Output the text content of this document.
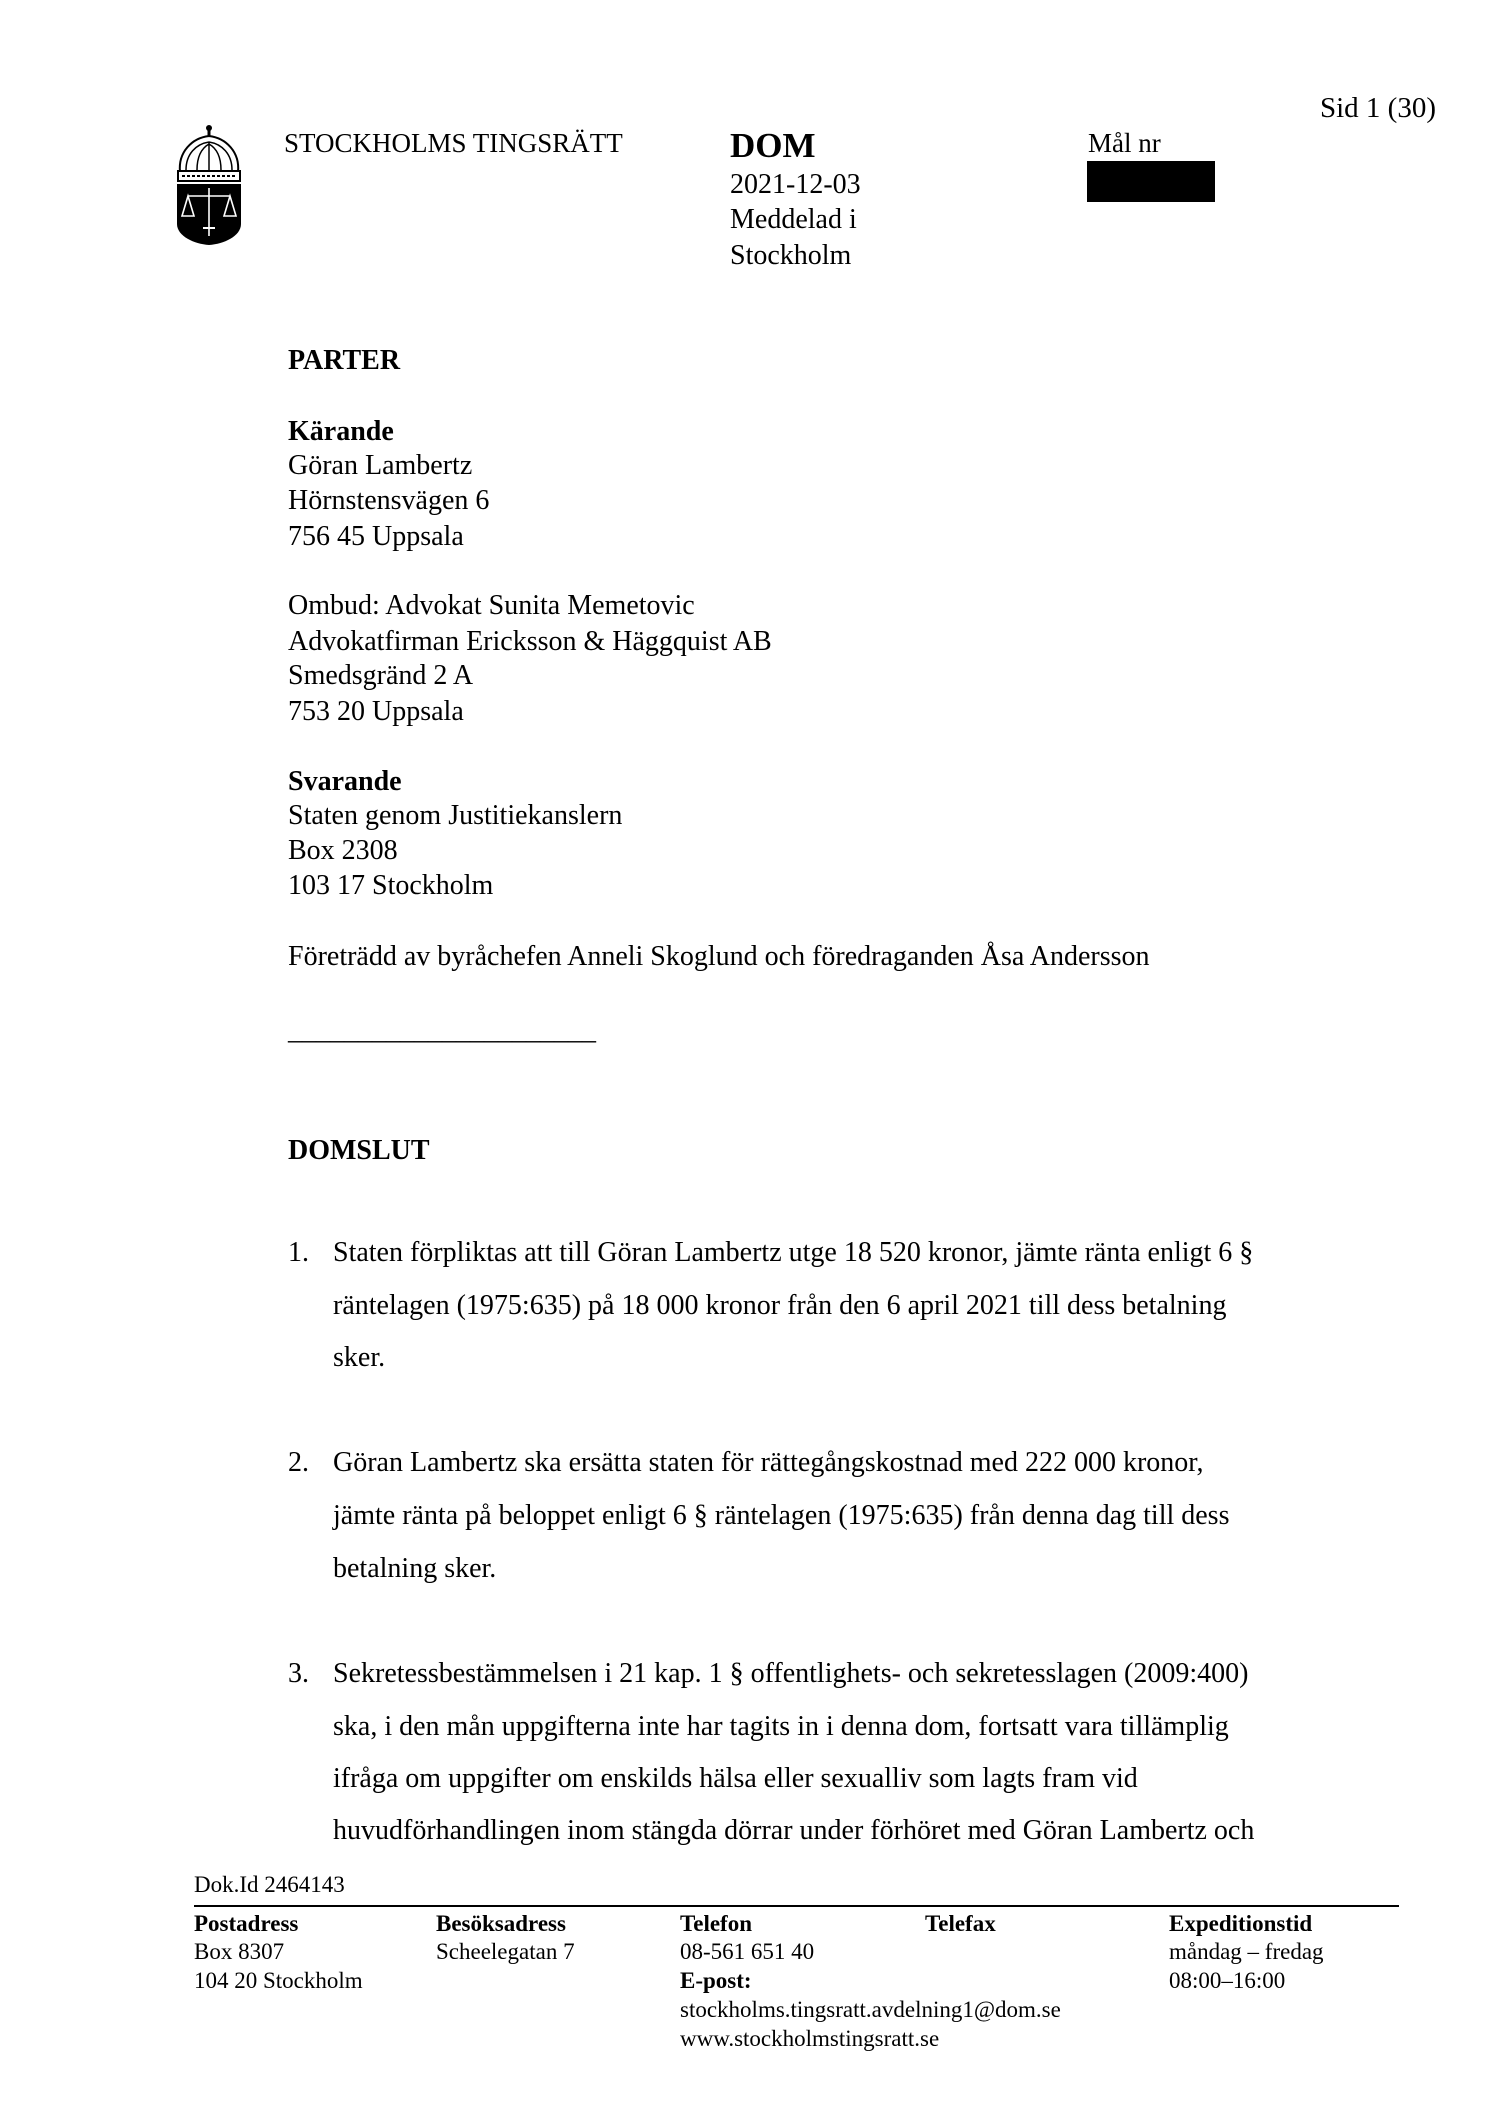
Sid 1 (30)
STOCKHOLMS TINGSRÄTT	DOM
2021-12-03
Meddelad i
Stockholm
Mål nr
PARTER
Kärande
Göran Lambertz
Hörnstensvägen 6
756 45 Uppsala
Ombud: Advokat Sunita Memetovic
Advokatfirman Ericksson & Häggquist AB
Smedsgränd 2 A
753 20 Uppsala
Svarande
Staten genom Justitiekanslern
Box 2308
103 17 Stockholm
Företrädd av byråchefen Anneli Skoglund och föredraganden Åsa Andersson
______________________
DOMSLUT
1. Staten förpliktas att till Göran Lambertz utge 18 520 kronor, jämte ränta enligt 6 §
räntelagen (1975:635) på 18 000 kronor från den 6 april 2021 till dess betalning
sker.
2. Göran Lambertz ska ersätta staten för rättegångskostnad med 222 000 kronor,
jämte ränta på beloppet enligt 6 § räntelagen (1975:635) från denna dag till dess
betalning sker.
3. Sekretessbestämmelsen i 21 kap. 1 § offentlighets- och sekretesslagen (2009:400)
ska, i den mån uppgifterna inte har tagits in i denna dom, fortsatt vara tillämplig
ifråga om uppgifter om enskilds hälsa eller sexualliv som lagts fram vid
huvudförhandlingen inom stängda dörrar under förhöret med Göran Lambertz och
Dok.Id 2464143
Postadress
Box 8307
104 20 Stockholm
Besöksadress
Scheelegatan 7
Telefon
08-561 651 40
E-post:
stockholms.tingsratt.avdelning1@dom.se
www.stockholmstingsratt.se
Telefax	Expeditionstid
måndag – fredag
08:00–16:00
